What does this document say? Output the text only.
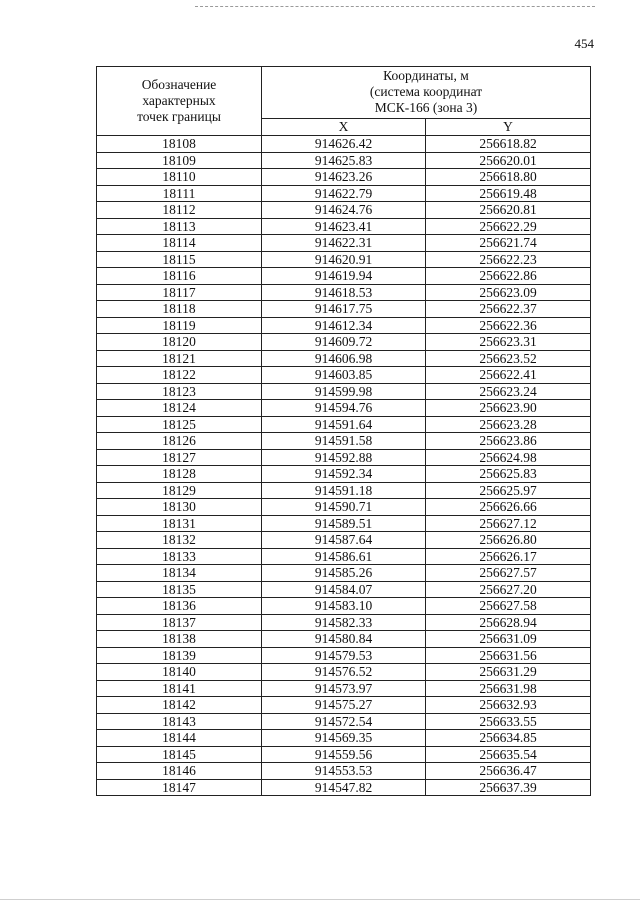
454
Обозначение
характерных
точек границы	Координаты, м
(система координат
МСК-166 (зона 3)	

	X	Y
18108	914626.42	256618.82
18109	914625.83	256620.01
18110	914623.26	256618.80
18111	914622.79	256619.48
18112	914624.76	256620.81
18113	914623.41	256622.29
18114	914622.31	256621.74
18115	914620.91	256622.23
18116	914619.94	256622.86
18117	914618.53	256623.09
18118	914617.75	256622.37
18119	914612.34	256622.36
18120	914609.72	256623.31
18121	914606.98	256623.52
18122	914603.85	256622.41
18123	914599.98	256623.24
18124	914594.76	256623.90
18125	914591.64	256623.28
18126	914591.58	256623.86
18127	914592.88	256624.98
18128	914592.34	256625.83
18129	914591.18	256625.97
18130	914590.71	256626.66
18131	914589.51	256627.12
18132	914587.64	256626.80
18133	914586.61	256626.17
18134	914585.26	256627.57
18135	914584.07	256627.20
18136	914583.10	256627.58
18137	914582.33	256628.94
18138	914580.84	256631.09
18139	914579.53	256631.56
18140	914576.52	256631.29
18141	914573.97	256631.98
18142	914575.27	256632.93
18143	914572.54	256633.55
18144	914569.35	256634.85
18145	914559.56	256635.54
18146	914553.53	256636.47
18147	914547.82	256637.39
